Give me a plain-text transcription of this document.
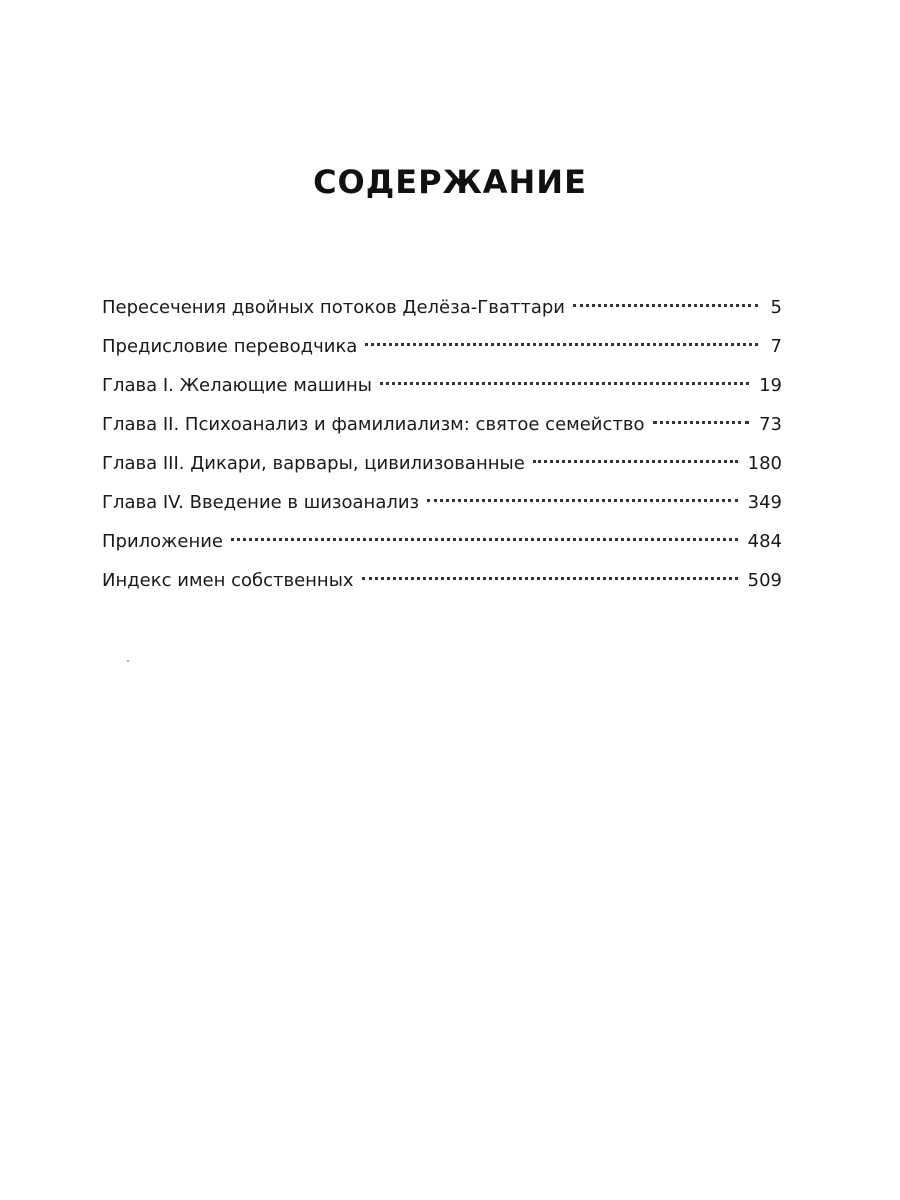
СОДЕРЖАНИЕ
Пересечения двойных потоков Делёза-Гваттари	5
Предисловие переводчика	7
Глава I. Желающие машины	19
Глава II. Психоанализ и фамилиализм: святое семейство	73
Глава III. Дикари, варвары, цивилизованные	180
Глава IV. Введение в шизоанализ	349
Приложение	484
Индекс имен собственных	509
